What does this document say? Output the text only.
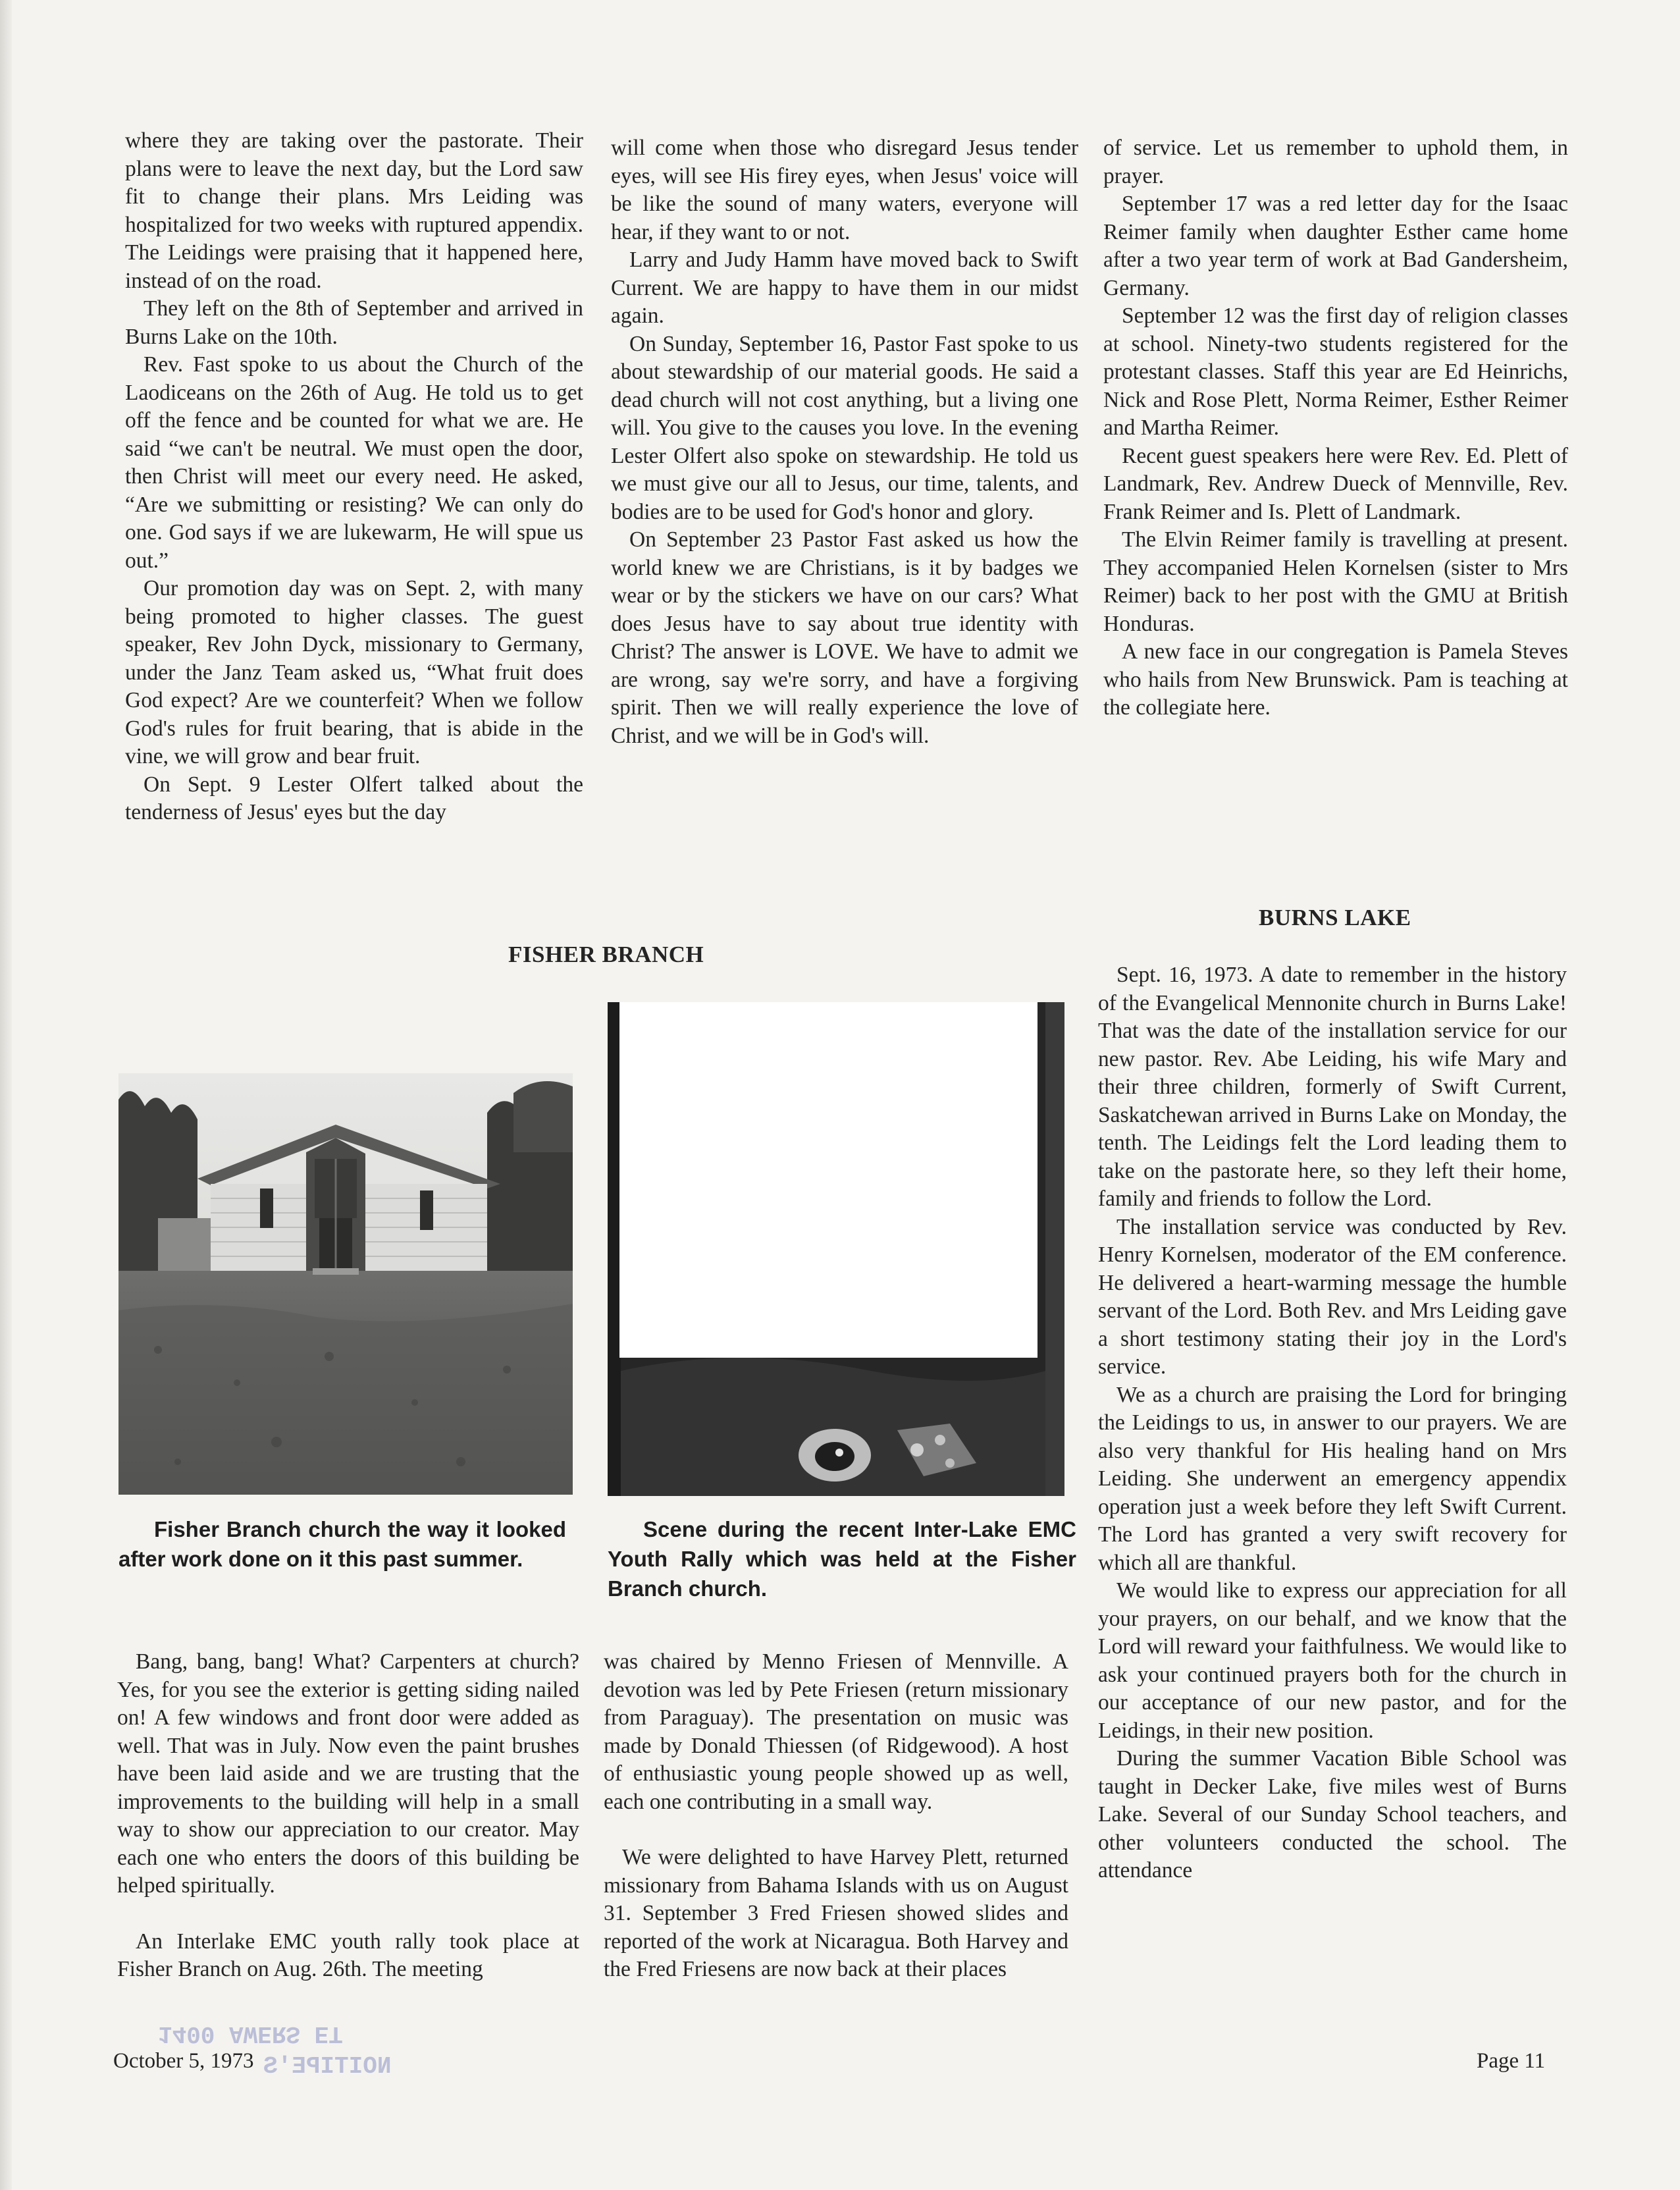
where they are taking over the pastorate. Their plans were to leave the next day, but the Lord saw fit to change their plans. Mrs Leiding was hospitalized for two weeks with ruptured appendix. The Leidings were praising that it happened here, instead of on the road.

They left on the 8th of September and arrived in Burns Lake on the 10th.

Rev. Fast spoke to us about the Church of the Laodiceans on the 26th of Aug. He told us to get off the fence and be counted for what we are. He said “we can't be neutral. We must open the door, then Christ will meet our every need. He asked, “Are we submitting or resisting? We can only do one. God says if we are lukewarm, He will spue us out.”

Our promotion day was on Sept. 2, with many being promoted to higher classes. The guest speaker, Rev John Dyck, missionary to Germany, under the Janz Team asked us, “What fruit does God expect? Are we counterfeit? When we follow God's rules for fruit bearing, that is abide in the vine, we will grow and bear fruit.

On Sept. 9 Lester Olfert talked about the tenderness of Jesus' eyes but the day

will come when those who disregard Jesus tender eyes, will see His firey eyes, when Jesus' voice will be like the sound of many waters, everyone will hear, if they want to or not.

Larry and Judy Hamm have moved back to Swift Current. We are happy to have them in our midst again.

On Sunday, September 16, Pastor Fast spoke to us about stewardship of our material goods. He said a dead church will not cost anything, but a living one will. You give to the causes you love. In the evening Lester Olfert also spoke on stewardship. He told us we must give our all to Jesus, our time, talents, and bodies are to be used for God's honor and glory.

On September 23 Pastor Fast asked us how the world knew we are Christians, is it by badges we wear or by the stickers we have on our cars? What does Jesus have to say about true identity with Christ? The answer is LOVE. We have to admit we are wrong, say we're sorry, and have a forgiving spirit. Then we will really experience the love of Christ, and we will be in God's will.

of service. Let us remember to uphold them, in prayer.

September 17 was a red letter day for the Isaac Reimer family when daughter Esther came home after a two year term of work at Bad Gandersheim, Germany.

September 12 was the first day of religion classes at school. Ninety-two students registered for the protestant classes. Staff this year are Ed Heinrichs, Nick and Rose Plett, Norma Reimer, Esther Reimer and Martha Reimer.

Recent guest speakers here were Rev. Ed. Plett of Landmark, Rev. Andrew Dueck of Mennville, Rev. Frank Reimer and Is. Plett of Landmark.

The Elvin Reimer family is travelling at present. They accompanied Helen Kornelsen (sister to Mrs Reimer) back to her post with the GMU at British Honduras.

A new face in our congregation is Pamela Steves who hails from New Brunswick. Pam is teaching at the collegiate here.

BURNS LAKE
FISHER BRANCH
Fisher Branch church the way it looked after work done on it this past summer.
Scene during the recent Inter-Lake EMC Youth Rally which was held at the Fisher Branch church.

Bang, bang, bang! What? Carpenters at church? Yes, for you see the exterior is getting siding nailed on! A few windows and front door were added as well. That was in July. Now even the paint brushes have been laid aside and we are trusting that the improvements to the building will help in a small way to show our appreciation to our creator. May each one who enters the doors of this building be helped spiritually.

An Interlake EMC youth rally took place at Fisher Branch on Aug. 26th. The meeting

was chaired by Menno Friesen of Mennville. A devotion was led by Pete Friesen (return missionary from Paraguay). The presentation on music was made by Donald Thiessen (of Ridgewood). A host of enthusiastic young people showed up as well, each one contributing in a small way.

We were delighted to have Harvey Plett, returned missionary from Bahama Islands with us on August 31. September 3 Fred Friesen showed slides and reported of the work at Nicaragua. Both Harvey and the Fred Friesens are now back at their places

Sept. 16, 1973. A date to remember in the history of the Evangelical Mennonite church in Burns Lake! That was the date of the installation service for our new pastor. Rev. Abe Leiding, his wife Mary and their three children, formerly of Swift Current, Saskatchewan arrived in Burns Lake on Monday, the tenth. The Leidings felt the Lord leading them to take on the pastorate here, so they left their home, family and friends to follow the Lord.

The installation service was conducted by Rev. Henry Kornelsen, moderator of the EM conference. He delivered a heart-warming message the humble servant of the Lord. Both Rev. and Mrs Leiding gave a short testimony stating their joy in the Lord's service.

We as a church are praising the Lord for bringing the Leidings to us, in answer to our prayers. We are also very thankful for His healing hand on Mrs Leiding. She underwent an emergency appendix operation just a week before they left Swift Current. The Lord has granted a very swift recovery for which all are thankful.

We would like to express our appreciation for all your prayers, on our behalf, and we know that the Lord will reward your faithfulness. We would like to ask your continued prayers both for the church in our acceptance of our new pastor, and for the Leidings, in their new position.

During the summer Vacation Bible School was taught in Decker Lake, five miles west of Burns Lake. Several of our Sunday School teachers, and other volunteers conducted the school. The attendance

October 5, 1973	Page 11
1400 AWERS ET
NOITIPE'S
